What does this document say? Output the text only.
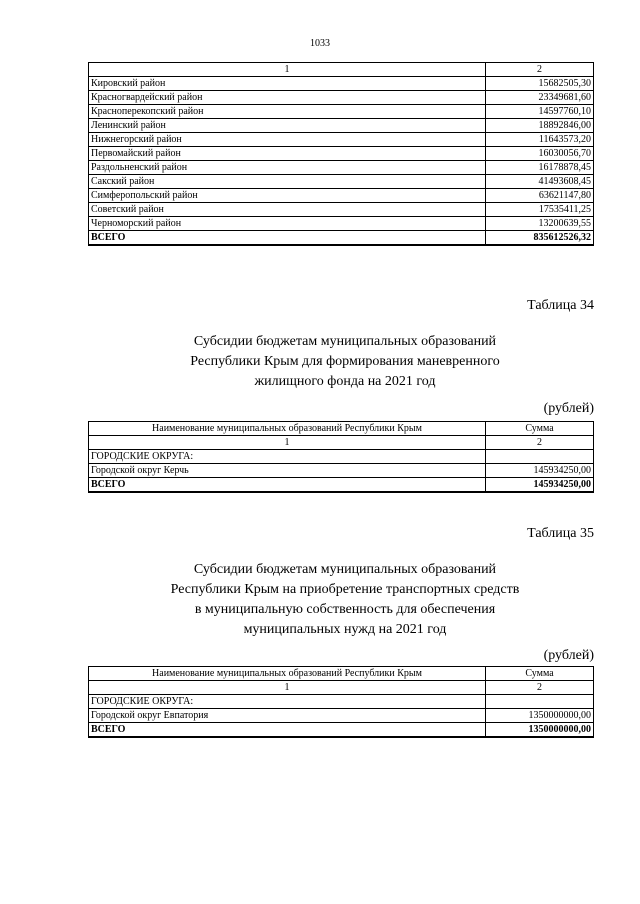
1033
1	2
Кировский район	15682505,30
Красногвардейский район	23349681,60
Красноперекопский район	14597760,10
Ленинский район	18892846,00
Нижнегорский район	11643573,20
Первомайский район	16030056,70
Раздольненский район	16178878,45
Сакский район	41493608,45
Симферопольский район	63621147,80
Советский район	17535411,25
Черноморский район	13200639,55
ВСЕГО	835612526,32
Таблица 34
Субсидии бюджетам муниципальных образований
Республики Крым для формирования маневренного
жилищного фонда на 2021 год
(рублей)
Наименование муниципальных образований Республики Крым	Сумма
1	2
ГОРОДСКИЕ ОКРУГА:	
Городской округ Керчь	145934250,00
ВСЕГО	145934250,00
Таблица 35
Субсидии бюджетам муниципальных образований
Республики Крым на приобретение транспортных средств
в муниципальную собственность для обеспечения
муниципальных нужд на 2021 год
(рублей)
Наименование муниципальных образований Республики Крым	Сумма
1	2
ГОРОДСКИЕ ОКРУГА:	
Городской округ Евпатория	1350000000,00
ВСЕГО	1350000000,00
